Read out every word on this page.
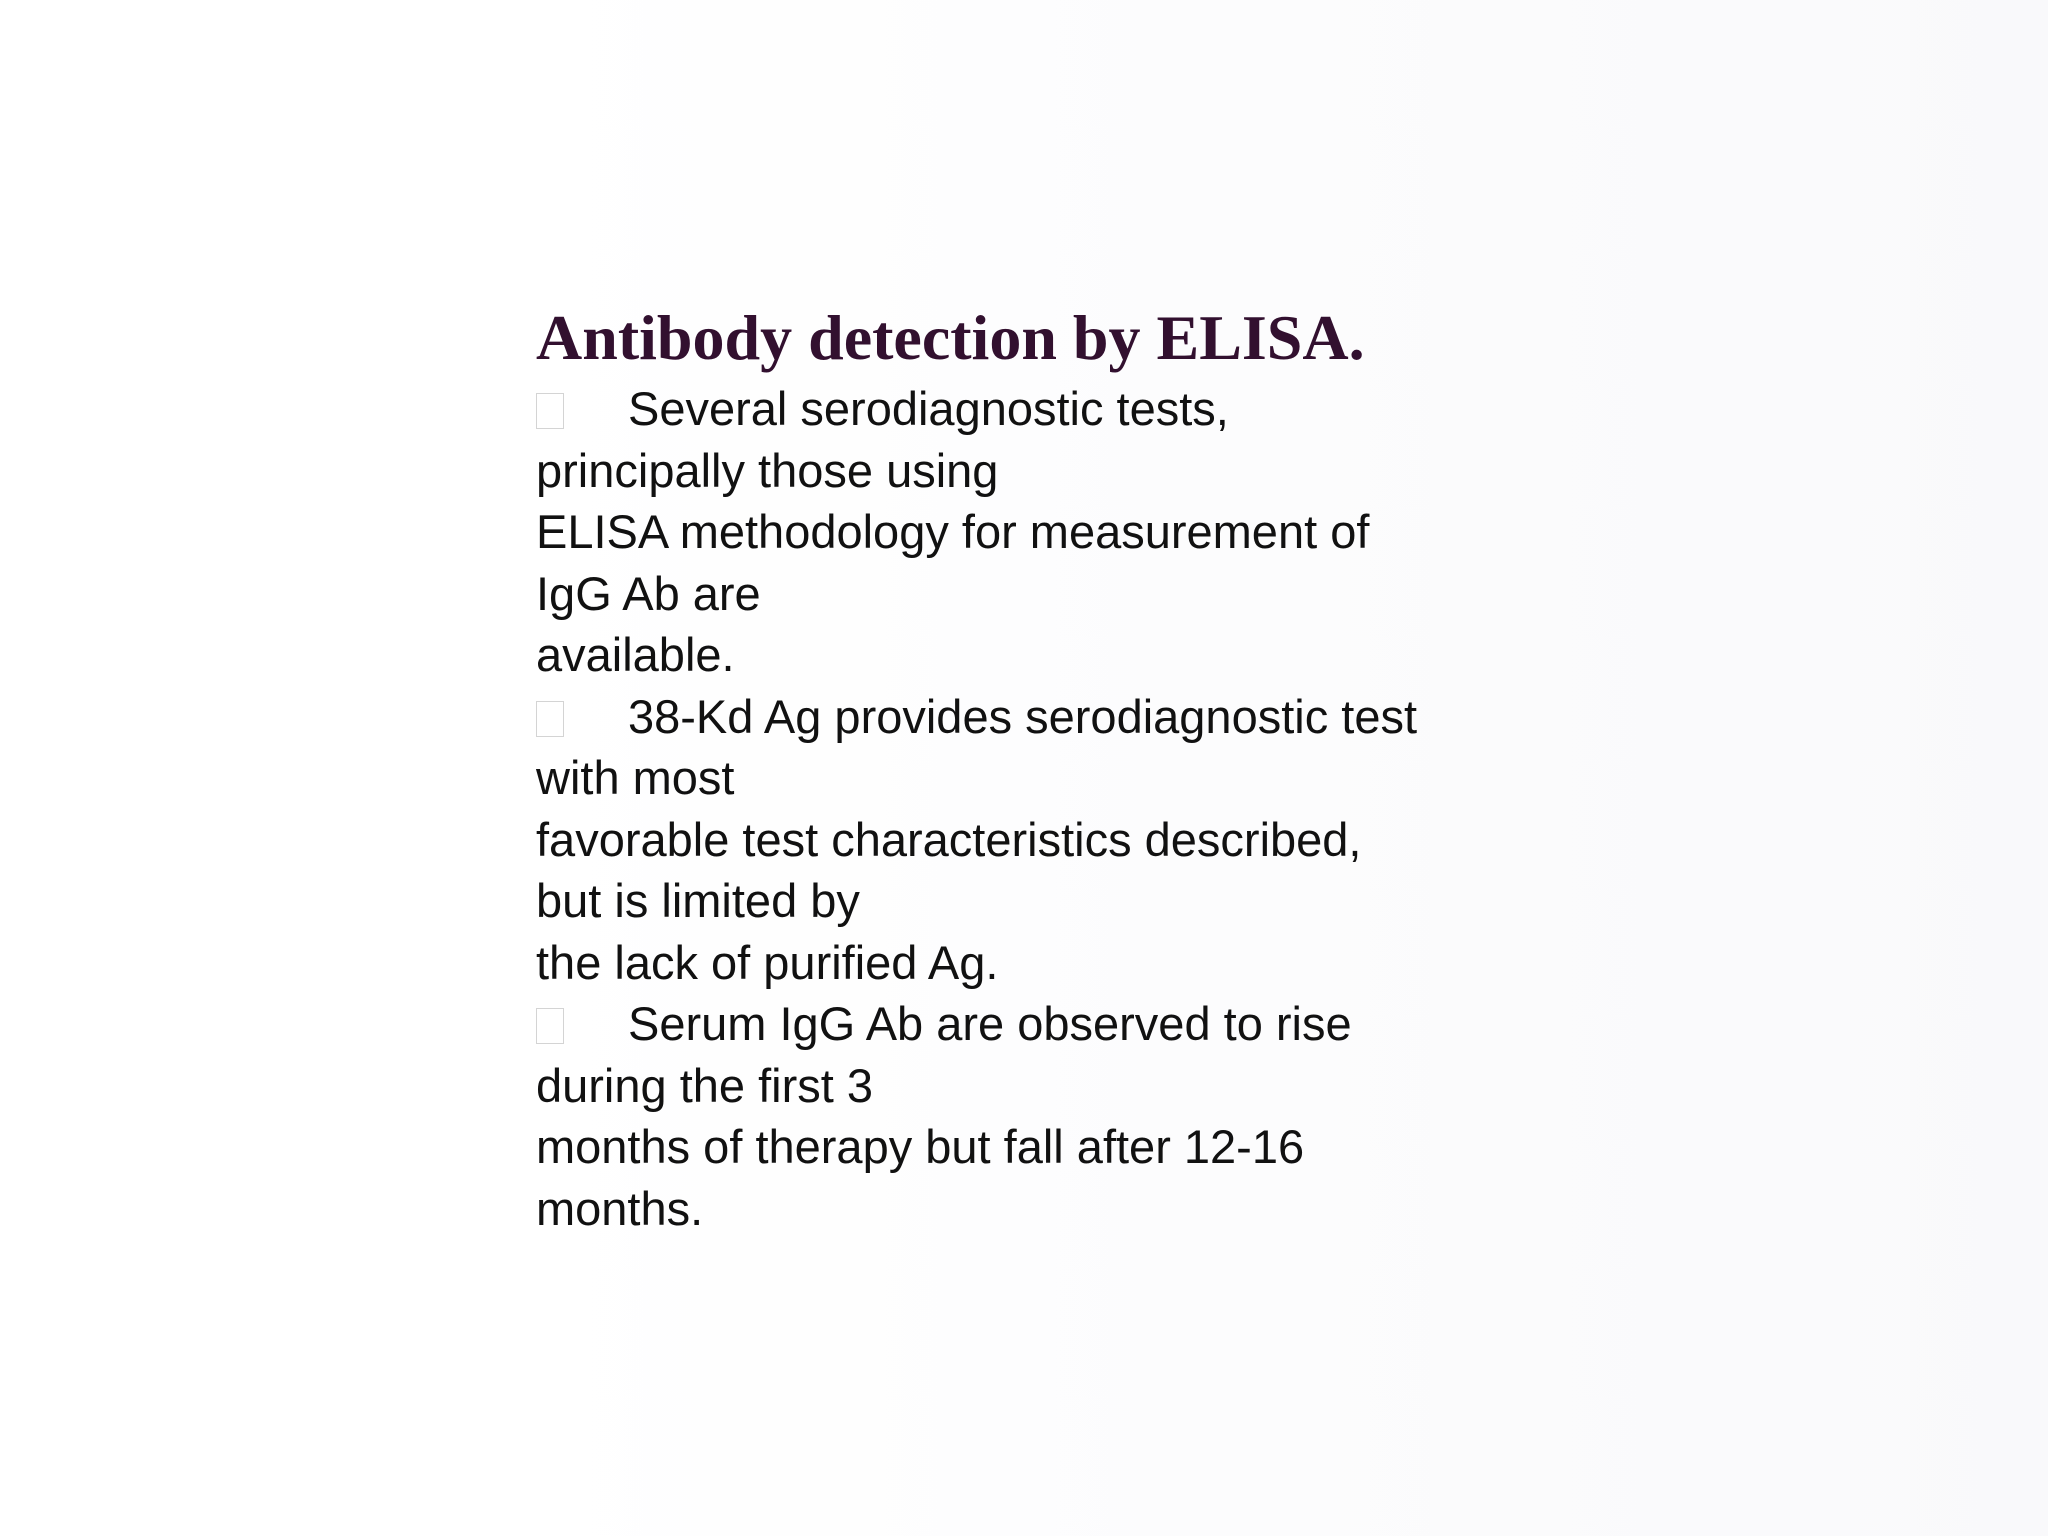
Antibody detection by ELISA.

Several serodiagnostic tests,

principally those using

ELISA methodology for measurement of

IgG Ab are

available.

38-Kd Ag provides serodiagnostic test

with most

favorable test characteristics described,

but is limited by

the lack of purified Ag.

Serum IgG Ab are observed to rise

during the first 3

months of therapy but fall after 12-16

months.
